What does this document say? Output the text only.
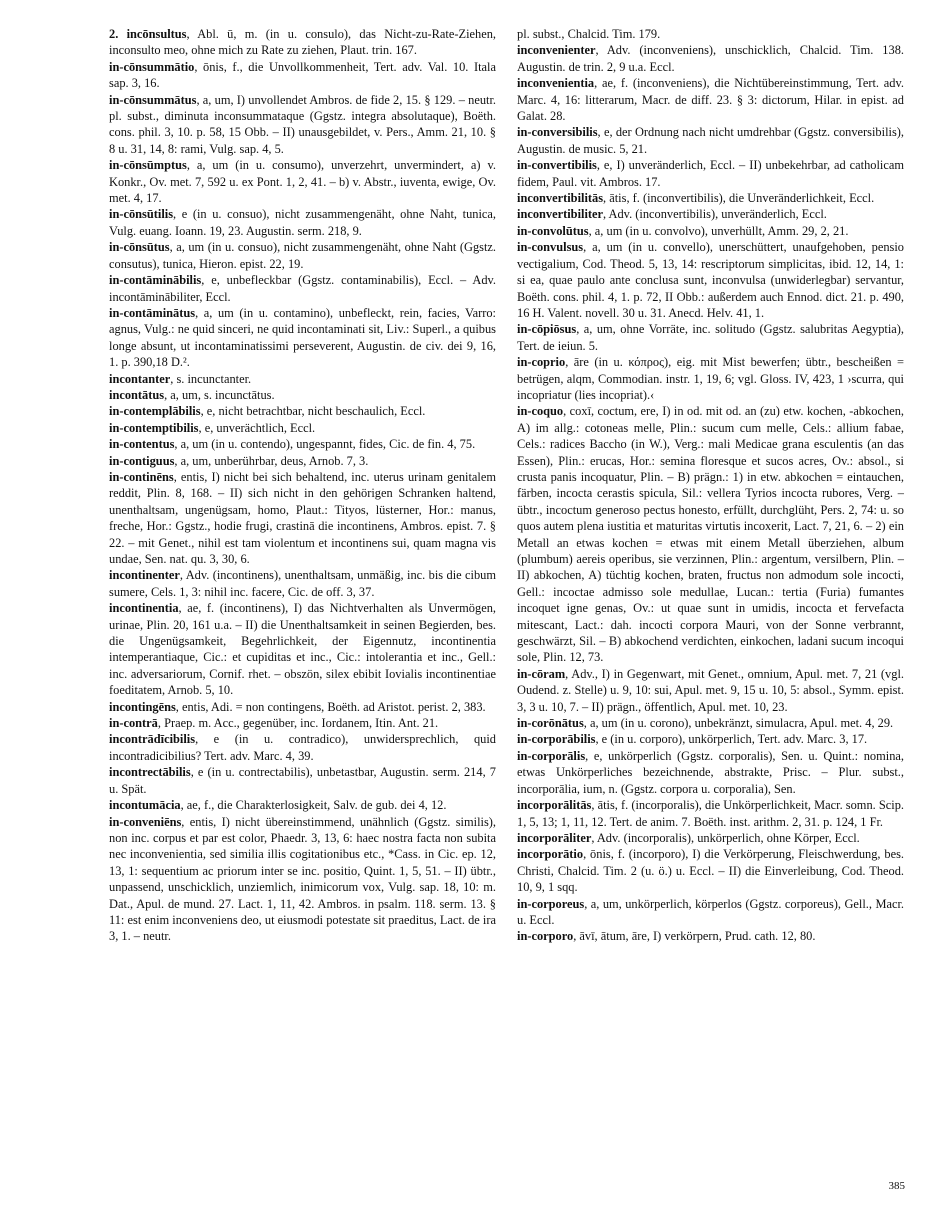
2. incōnsultus, Abl. ū, m. (in u. consulo), das Nicht-zu-Rate-Ziehen, inconsulto meo, ohne mich zu Rate zu ziehen, Plaut. trin. 167.

in-cōnsummātio, ōnis, f., die Unvollkommenheit, Tert. adv. Val. 10. Itala sap. 3, 16.

in-cōnsummātus, a, um, I) unvollendet Ambros. de fide 2, 15. § 129. – neutr. pl. subst., diminuta inconsummataque (Ggstz. integra absolutaque), Boëth. cons. phil. 3, 10. p. 58, 15 Obb. – II) unausgebildet, v. Pers., Amm. 21, 10. § 8 u. 31, 14, 8: rami, Vulg. sap. 4, 5.

in-cōnsūmptus, a, um (in u. consumo), unverzehrt, unvermindert, a) v. Konkr., Ov. met. 7, 592 u. ex Pont. 1, 2, 41. – b) v. Abstr., iuventa, ewige, Ov. met. 4, 17.

in-cōnsūtilis, e (in u. consuo), nicht zusammengenäht, ohne Naht, tunica, Vulg. euang. Ioann. 19, 23. Augustin. serm. 218, 9.

in-cōnsūtus, a, um (in u. consuo), nicht zusammengenäht, ohne Naht (Ggstz. consutus), tunica, Hieron. epist. 22, 19.

in-contāminābilis, e, unbefleckbar (Ggstz. contaminabilis), Eccl. – Adv. incontāminābiliter, Eccl.

in-contāminātus, a, um (in u. contamino), unbefleckt, rein, facies, Varro: agnus, Vulg.: ne quid sinceri, ne quid incontaminati sit, Liv.: Superl., a quibus longe absunt, ut incontaminatissimi perseverent, Augustin. de civ. dei 9, 16, 1. p. 390,18 D.².

incontanter, s. incunctanter.

incontātus, a, um, s. incunctātus.

in-contemplābilis, e, nicht betrachtbar, nicht beschaulich, Eccl.

in-contemptibilis, e, unverächtlich, Eccl.

in-contentus, a, um (in u. contendo), ungespannt, fides, Cic. de fin. 4, 75.

in-contiguus, a, um, unberührbar, deus, Arnob. 7, 3.

in-continēns, entis, I) nicht bei sich behaltend, inc. uterus urinam genitalem reddit, Plin. 8, 168. – II) sich nicht in den gehörigen Schranken haltend, unenthaltsam, ungenügsam, homo, Plaut.: Tityos, lüsterner, Hor.: manus, freche, Hor.: Ggstz., hodie frugi, crastinā die incontinens, Ambros. epist. 7. § 22. – mit Genet., nihil est tam violentum et incontinens sui, quam magna vis undae, Sen. nat. qu. 3, 30, 6.

incontinenter, Adv. (incontinens), unenthaltsam, unmäßig, inc. bis die cibum sumere, Cels. 1, 3: nihil inc. facere, Cic. de off. 3, 37.

incontinentia, ae, f. (incontinens), I) das Nichtverhalten als Unvermögen, urinae, Plin. 20, 161 u.a. – II) die Unenthaltsamkeit in seinen Begierden, bes. die Ungenügsamkeit, Begehrlichkeit, der Eigennutz, incontinentia intemperantiaque, Cic.: et cupiditas et inc., Cic.: intolerantia et inc., Gell.: inc. adversariorum, Cornif. rhet. – obszön, silex ebibit Iovialis incontinentiae foeditatem, Arnob. 5, 10.

incontingēns, entis, Adi. = non contingens, Boëth. ad Aristot. perist. 2, 383.

in-contrā, Praep. m. Acc., gegenüber, inc. Iordanem, Itin. Ant. 21.

incontrādīcibilis, e (in u. contradico), unwidersprechlich, quid incontradicibilius? Tert. adv. Marc. 4, 39.

incontrectābilis, e (in u. contrectabilis), unbetastbar, Augustin. serm. 214, 7 u. Spät.

incontumācia, ae, f., die Charakterlosigkeit, Salv. de gub. dei 4, 12.

in-conveniēns, entis, I) nicht übereinstimmend, unähnlich (Ggstz. similis), non inc. corpus et par est color, Phaedr. 3, 13, 6: haec nostra facta non subita nec inconvenientia, sed similia illis cogitationibus etc., *Cass. in Cic. ep. 12, 13, 1: sequentium ac priorum inter se inc. positio, Quint. 1, 5, 51. – II) übtr., unpassend, unschicklich, unziemlich, inimicorum vox, Vulg. sap. 18, 10: m. Dat., Apul. de mund. 27. Lact. 1, 11, 42. Ambros. in psalm. 118. serm. 13. § 11: est enim inconveniens deo, ut eiusmodi potestate sit praeditus, Lact. de ira 3, 1. – neutr.

pl. subst., Chalcid. Tim. 179.

inconvenienter, Adv. (inconveniens), unschicklich, Chalcid. Tim. 138. Augustin. de trin. 2, 9 u.a. Eccl.

inconvenientia, ae, f. (inconveniens), die Nichtübereinstimmung, Tert. adv. Marc. 4, 16: litterarum, Macr. de diff. 23. § 3: dictorum, Hilar. in epist. ad Galat. 28.

in-conversibilis, e, der Ordnung nach nicht umdrehbar (Ggstz. conversibilis), Augustin. de music. 5, 21.

in-convertibilis, e, I) unveränderlich, Eccl. – II) unbekehrbar, ad catholicam fidem, Paul. vit. Ambros. 17.

inconvertibilitās, ātis, f. (inconvertibilis), die Unveränderlichkeit, Eccl.

inconvertibiliter, Adv. (inconvertibilis), unveränderlich, Eccl.

in-convolūtus, a, um (in u. convolvo), unverhüllt, Amm. 29, 2, 21.

in-convulsus, a, um (in u. convello), unerschüttert, unaufgehoben, pensio vectigalium, Cod. Theod. 5, 13, 14: rescriptorum simplicitas, ibid. 12, 14, 1: si ea, quae paulo ante conclusa sunt, inconvulsa (unwiderlegbar) servantur, Boëth. cons. phil. 4, 1. p. 72, II Obb.: außerdem auch Ennod. dict. 21. p. 490, 16 H. Valent. novell. 30 u. 31. Anecd. Helv. 41, 1.

in-cōpiōsus, a, um, ohne Vorräte, inc. solitudo (Ggstz. salubritas Aegyptia), Tert. de ieiun. 5.

in-coprio, āre (in u. κόπρος), eig. mit Mist bewerfen; übtr., bescheißen = betrügen, alqm, Commodian. instr. 1, 19, 6; vgl. Gloss. IV, 423, 1 ›scurra, qui incopriatur (lies incopriat).‹

in-coquo, coxī, coctum, ere, I) in od. mit od. an (zu) etw. kochen, -abkochen, A) im allg.: cotoneas melle, Plin.: sucum cum melle, Cels.: allium fabae, Cels.: radices Baccho (in W.), Verg.: mali Medicae grana esculentis (an das Essen), Plin.: erucas, Hor.: semina floresque et sucos acres, Ov.: absol., si crusta panis incoquatur, Plin. – B) prägn.: 1) in etw. abkochen = eintauchen, färben, incocta cerastis spicula, Sil.: vellera Tyrios incocta rubores, Verg. – übtr., incoctum generoso pectus honesto, erfüllt, durchglüht, Pers. 2, 74: u. so quos autem plena iustitia et maturitas virtutis incoxerit, Lact. 7, 21, 6. – 2) ein Metall an etwas kochen = etwas mit einem Metall überziehen, album (plumbum) aereis operibus, sie verzinnen, Plin.: argentum, versilbern, Plin. – II) abkochen, A) tüchtig kochen, braten, fructus non admodum sole incocti, Gell.: incoctae admisso sole medullae, Lucan.: tertia (Furia) fumantes incoquet igne genas, Ov.: ut quae sunt in umidis, incocta et fervefacta mitescant, Lact.: dah. incocti corpora Mauri, von der Sonne verbrannt, geschwärzt, Sil. – B) abkochend verdichten, einkochen, ladani sucum incoqui sole, Plin. 12, 73.

in-cōram, Adv., I) in Gegenwart, mit Genet., omnium, Apul. met. 7, 21 (vgl. Oudend. z. Stelle) u. 9, 10: sui, Apul. met. 9, 15 u. 10, 5: absol., Symm. epist. 3, 3 u. 10, 7. – II) prägn., öffentlich, Apul. met. 10, 23.

in-corōnātus, a, um (in u. corono), unbekränzt, simulacra, Apul. met. 4, 29.

in-corporābilis, e (in u. corporo), unkörperlich, Tert. adv. Marc. 3, 17.

in-corporālis, e, unkörperlich (Ggstz. corporalis), Sen. u. Quint.: nomina, etwas Unkörperliches bezeichnende, abstrakte, Prisc. – Plur. subst., incorporālia, ium, n. (Ggstz. corpora u. corporalia), Sen.

incorporālitās, ātis, f. (incorporalis), die Unkörperlichkeit, Macr. somn. Scip. 1, 5, 13; 1, 11, 12. Tert. de anim. 7. Boëth. inst. arithm. 2, 31. p. 124, 1 Fr.

incorporāliter, Adv. (incorporalis), unkörperlich, ohne Körper, Eccl.

incorporātio, ōnis, f. (incorporo), I) die Verkörperung, Fleischwerdung, bes. Christi, Chalcid. Tim. 2 (u. ö.) u. Eccl. – II) die Einverleibung, Cod. Theod. 10, 9, 1 sqq.

in-corporeus, a, um, unkörperlich, körperlos (Ggstz. corporeus), Gell., Macr. u. Eccl.

in-corporo, āvī, ātum, āre, I) verkörpern, Prud. cath. 12, 80.

385
